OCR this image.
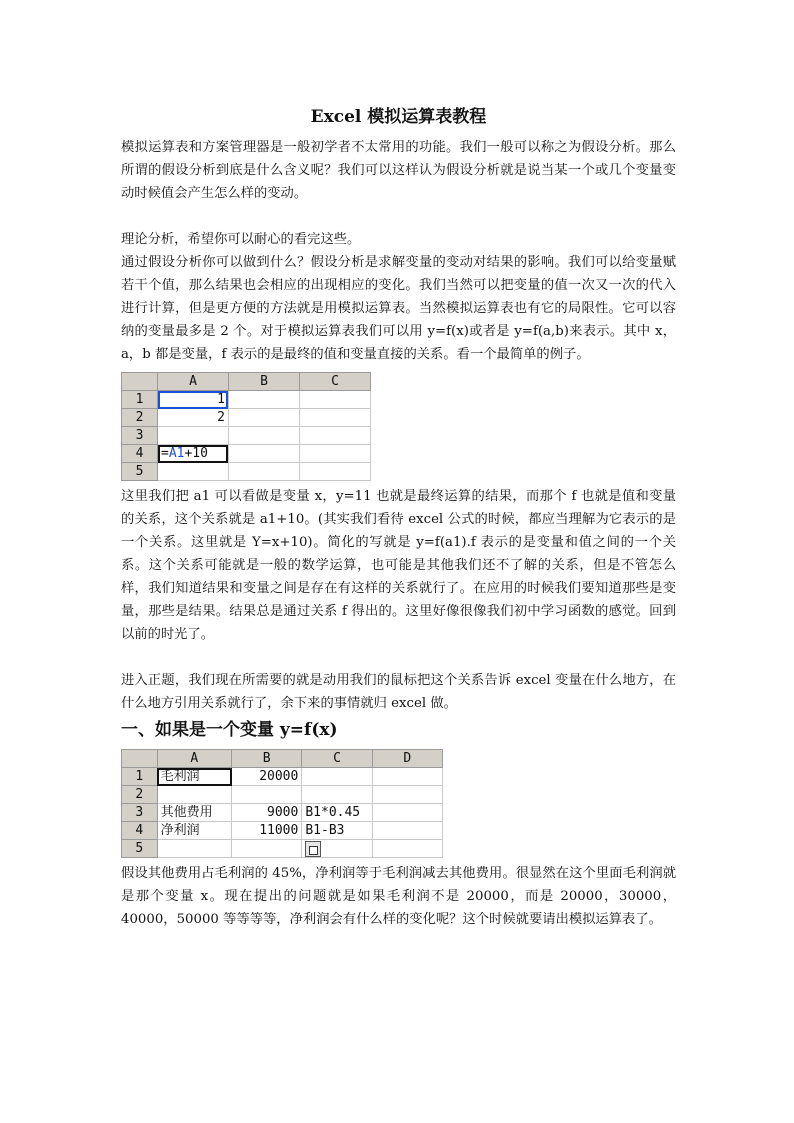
Excel 模拟运算表教程

模拟运算表和方案管理器是一般初学者不太常用的功能。我们一般可以称之为假设分析。那么所谓的假设分析到底是什么含义呢？我们可以这样认为假设分析就是说当某一个或几个变量变动时候值会产生怎么样的变动。

理论分析，希望你可以耐心的看完这些。

通过假设分析你可以做到什么？假设分析是求解变量的变动对结果的影响。我们可以给变量赋若干个值，那么结果也会相应的出现相应的变化。我们当然可以把变量的值一次又一次的代入进行计算，但是更方便的方法就是用模拟运算表。当然模拟运算表也有它的局限性。它可以容纳的变量最多是 2 个。对于模拟运算表我们可以用 y=f(x)或者是 y=f(a,b)来表示。其中 x，a，b 都是变量，f 表示的是最终的值和变量直接的关系。看一个最简单的例子。

	A	B	C
1	1		
2	2		
3			
4	=A1+10		
5			

这里我们把 a1 可以看做是变量 x，y=11 也就是最终运算的结果，而那个 f 也就是值和变量的关系，这个关系就是 a1+10。(其实我们看待 excel 公式的时候，都应当理解为它表示的是一个关系。这里就是 Y=x+10)。简化的写就是 y=f(a1).f 表示的是变量和值之间的一个关系。这个关系可能就是一般的数学运算，也可能是其他我们还不了解的关系，但是不管怎么样，我们知道结果和变量之间是存在有这样的关系就行了。在应用的时候我们要知道那些是变量，那些是结果。结果总是通过关系 f 得出的。这里好像很像我们初中学习函数的感觉。回到以前的时光了。

进入正题，我们现在所需要的就是动用我们的鼠标把这个关系告诉 excel 变量在什么地方，在什么地方引用关系就行了，余下来的事情就归 excel 做。

一、如果是一个变量 y=f(x)
	A	B	C	D
1	毛利润	20000		
2				
3	其他费用	9000	B1*0.45	
4	净利润	11000	B1-B3	
5				

假设其他费用占毛利润的 45%，净利润等于毛利润减去其他费用。很显然在这个里面毛利润就是那个变量 x。现在提出的问题就是如果毛利润不是 20000，而是 20000，30000，40000，50000 等等等等，净利润会有什么样的变化呢？这个时候就要请出模拟运算表了。
